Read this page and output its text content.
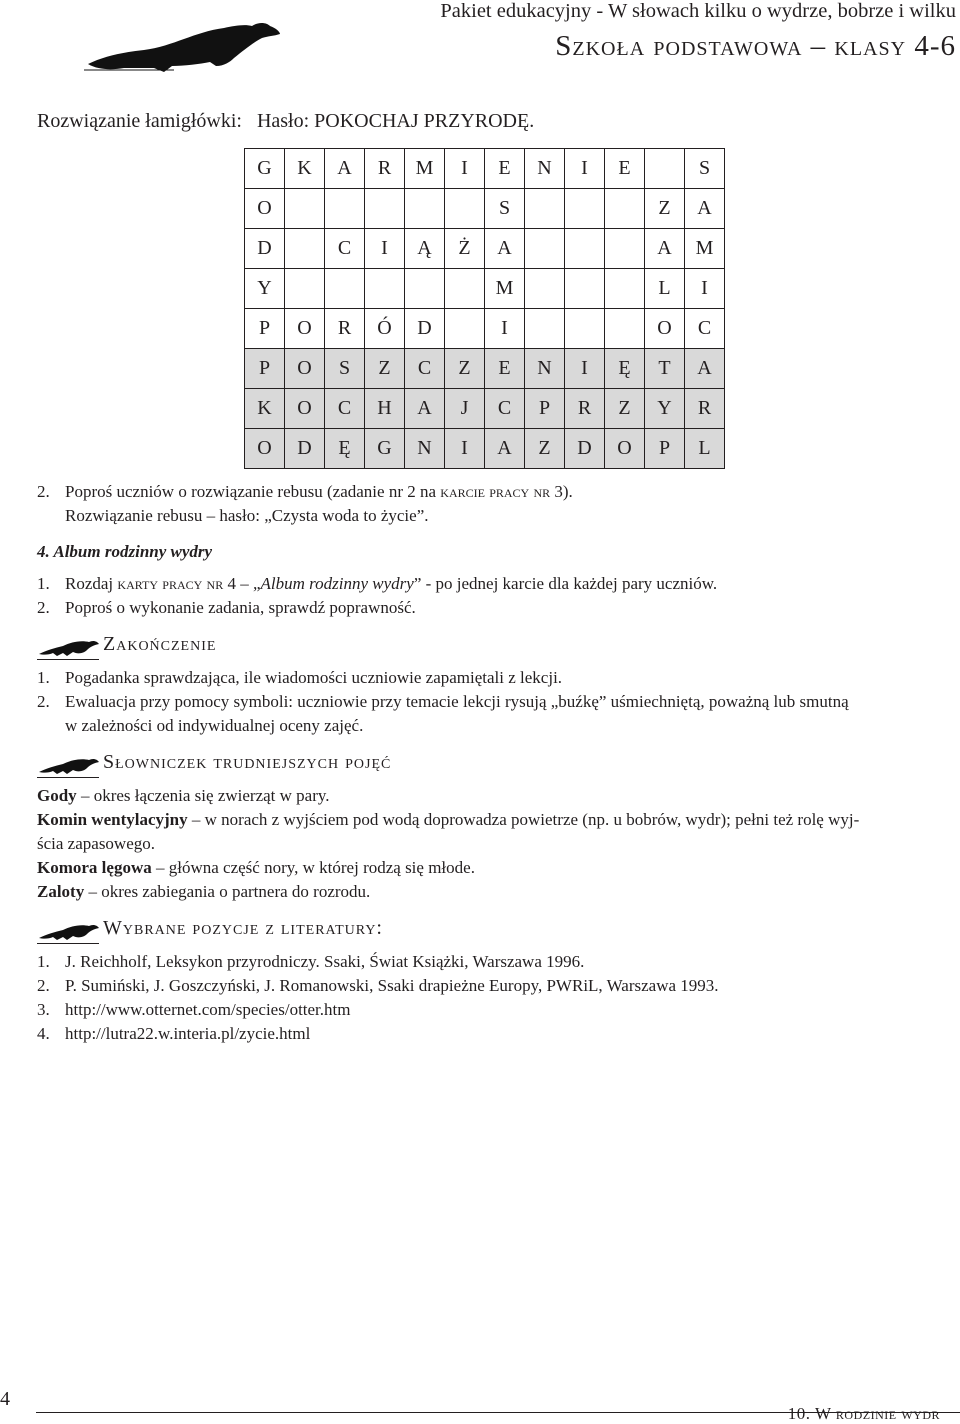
Pakiet edukacyjny - W słowach kilku o wydrze, bobrze i wilku
Szkoła podstawowa – klasy 4-6
Rozwiązanie łamigłówki: Hasło: POKOCHAJ PRZYRODĘ.
G	K	A	R	M	I	E	N	I	E		S
O						S				Z	A
D		C	I	Ą	Ż	A				A	M
Y						M				L	I
P	O	R	Ó	D		I				O	C
P	O	S	Z	C	Z	E	N	I	Ę	T	A
K	O	C	H	A	J	C	P	R	Z	Y	R
O	D	Ę	G	N	I	A	Z	D	O	P	L
2. Poproś uczniów o rozwiązanie rebusu (zadanie nr 2 na karcie pracy nr 3).
Rozwiązanie rebusu – hasło: „Czysta woda to życie”.
4. Album rodzinny wydry
1. Rozdaj karty pracy nr 4 – „Album rodzinny wydry” - po jednej karcie dla każdej pary uczniów.
2. Poproś o wykonanie zadania, sprawdź poprawność.
Zakończenie
1. Pogadanka sprawdzająca, ile wiadomości uczniowie zapamiętali z lekcji.
2. Ewaluacja przy pomocy symboli: uczniowie przy temacie lekcji rysują „buźkę” uśmiechniętą, poważną lub smutną
w zależności od indywidualnej oceny zajęć.
Słowniczek trudniejszych pojęć
Gody – okres łączenia się zwierząt w pary.
Komin wentylacyjny – w norach z wyjściem pod wodą doprowadza powietrze (np. u bobrów, wydr); pełni też rolę wyj-
ścia zapasowego.
Komora lęgowa – główna część nory, w której rodzą się młode.
Zaloty – okres zabiegania o partnera do rozrodu.
Wybrane pozycje z literatury:
1. J. Reichholf, Leksykon przyrodniczy. Ssaki, Świat Książki, Warszawa 1996.
2. P. Sumiński, J. Goszczyński, J. Romanowski, Ssaki drapieżne Europy, PWRiL, Warszawa 1993.
3. http://www.otternet.com/species/otter.htm
4. http://lutra22.w.interia.pl/zycie.html
4
10. W rodzinie wydr
